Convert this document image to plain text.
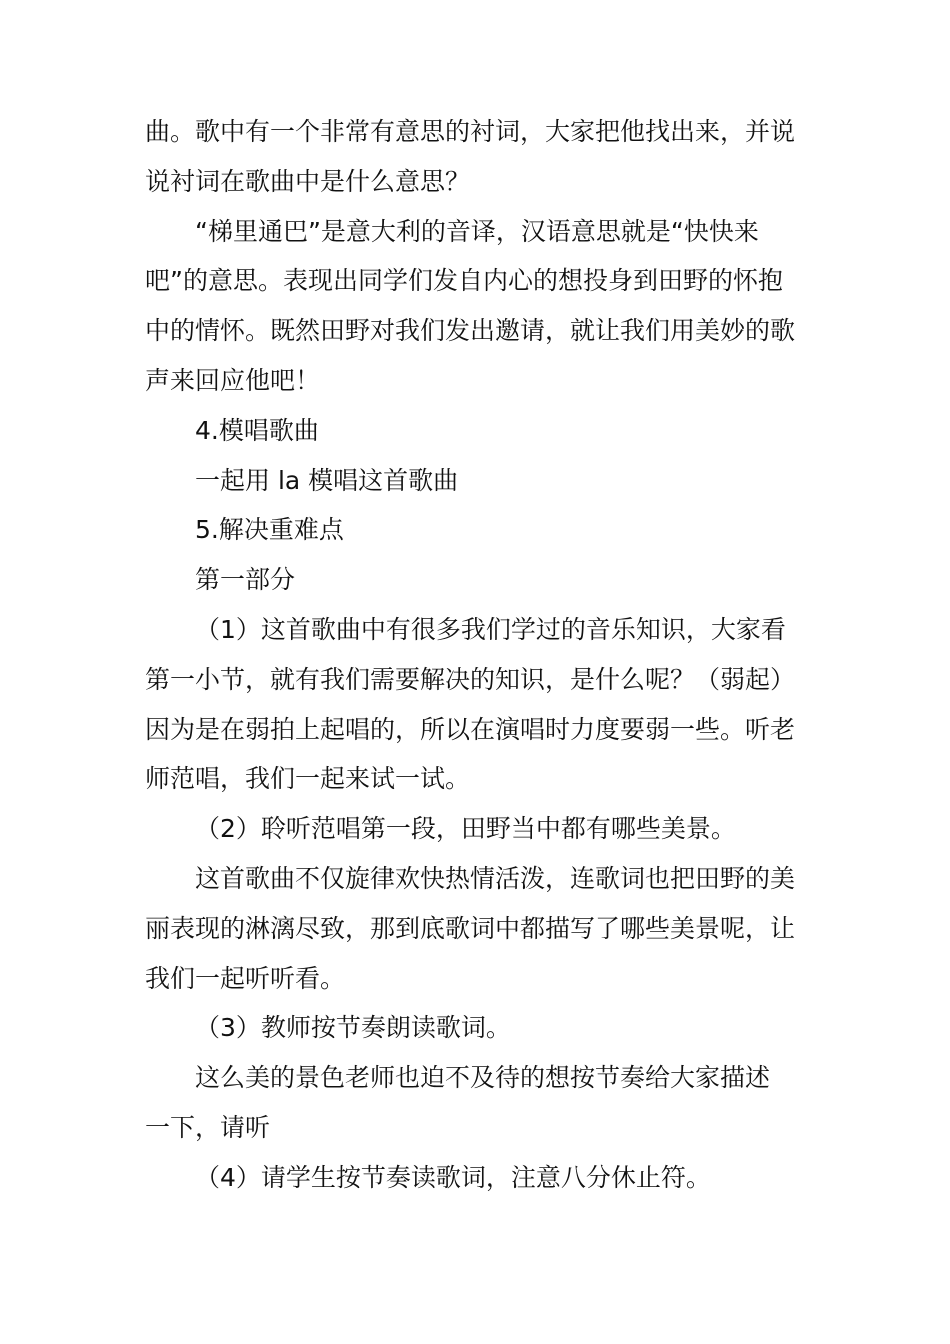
曲。歌中有一个非常有意思的衬词，大家把他找出来，并说
说衬词在歌曲中是什么意思？
“梯里通巴”是意大利的音译，汉语意思就是“快快来
吧”的意思。表现出同学们发自内心的想投身到田野的怀抱
中的情怀。既然田野对我们发出邀请，就让我们用美妙的歌
声来回应他吧！
4.模唱歌曲
一起用 la 模唱这首歌曲
5.解决重难点
第一部分
（1）这首歌曲中有很多我们学过的音乐知识，大家看
第一小节，就有我们需要解决的知识，是什么呢？（弱起）
因为是在弱拍上起唱的，所以在演唱时力度要弱一些。听老
师范唱，我们一起来试一试。
（2）聆听范唱第一段，田野当中都有哪些美景。
这首歌曲不仅旋律欢快热情活泼，连歌词也把田野的美
丽表现的淋漓尽致，那到底歌词中都描写了哪些美景呢，让
我们一起听听看。
（3）教师按节奏朗读歌词。
这么美的景色老师也迫不及待的想按节奏给大家描述
一下，请听
（4）请学生按节奏读歌词，注意八分休止符。
